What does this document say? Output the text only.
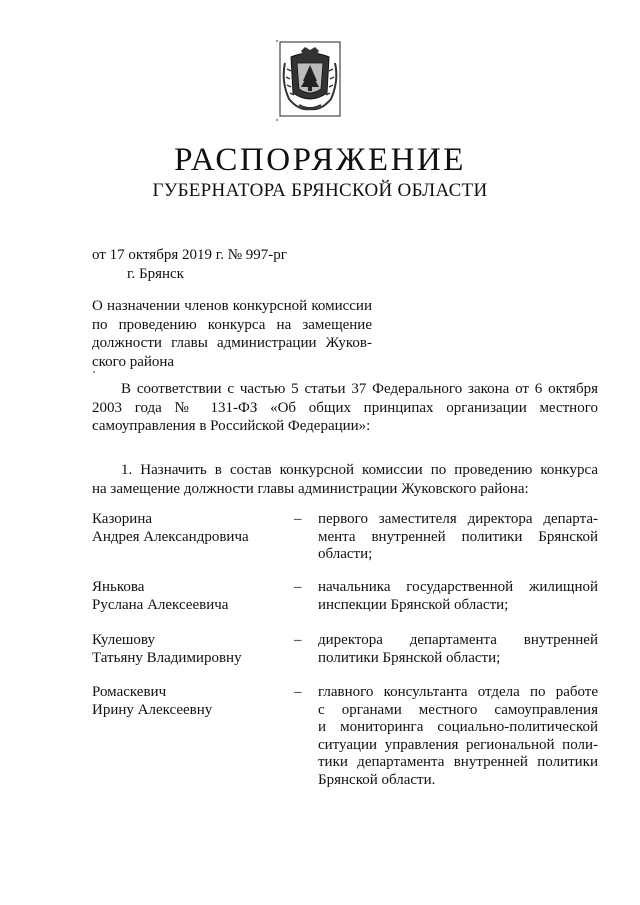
РАСПОРЯЖЕНИЕ
ГУБЕРНАТОРА БРЯНСКОЙ ОБЛАСТИ
от 17 октября 2019 г. № 997-рг
г. Брянск
О назначении членов конкурсной комиссии
по проведению конкурса на замещение
должности главы администрации Жуков-
ского района
В соответствии с частью 5 статьи 37 Федерального закона от 6 октября
2003 года № 131-ФЗ «Об общих принципах организации местного
самоуправления в Российской Федерации»:
1. Назначить в состав конкурсной комиссии по проведению конкурса
на замещение должности главы администрации Жуковского района:
Казорина
Андрея Александровича
– первого заместителя директора департа-
мента внутренней политики Брянской
области;
Янькова
Руслана Алексеевича
– начальника государственной жилищной
инспекции Брянской области;
Кулешову
Татьяну Владимировну
– директора департамента внутренней
политики Брянской области;
Ромаскевич
Ирину Алексеевну
– главного консультанта отдела по работе
с органами местного самоуправления
и мониторинга социально-политической
ситуации управления региональной поли-
тики департамента внутренней политики
Брянской области.
